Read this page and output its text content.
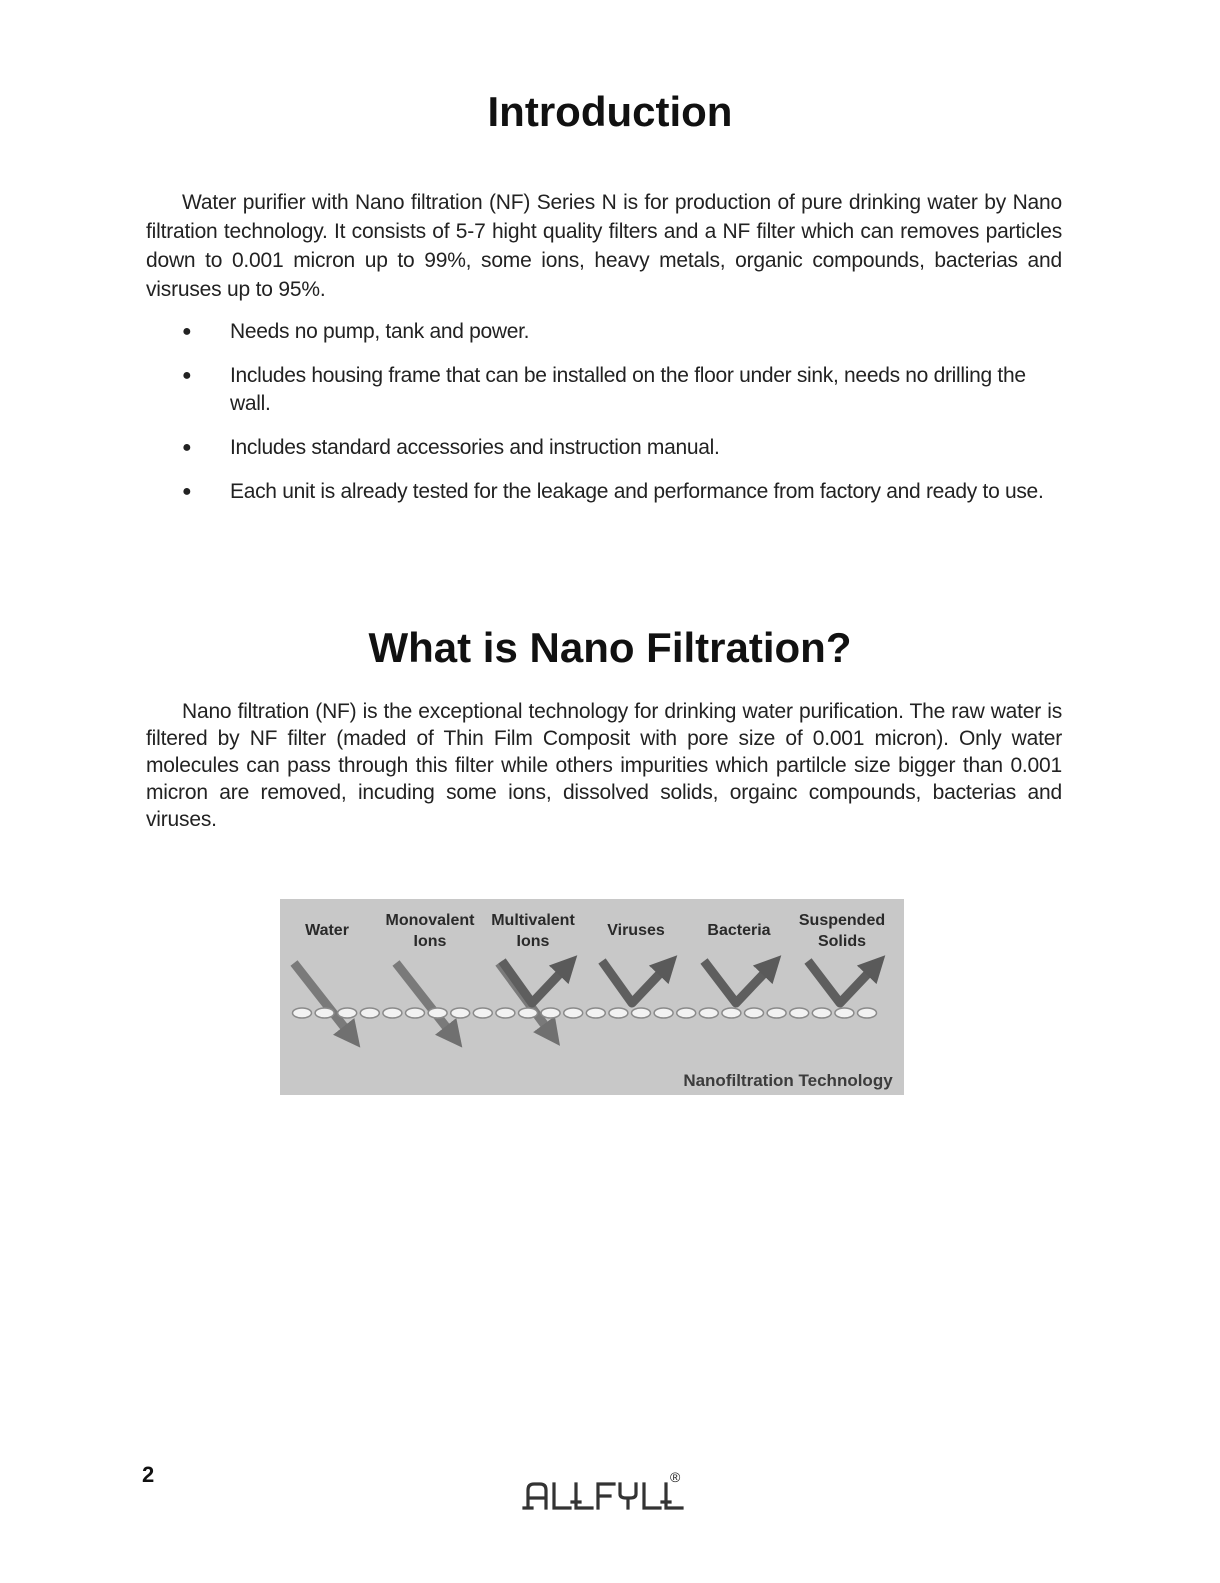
Introduction
Water purifier with Nano filtration (NF) Series N is for production of pure drinking water by Nano filtration technology. It consists of 5-7 hight quality filters and a NF filter which can removes particles down to 0.001 micron up to 99%, some ions, heavy metals, organic compounds, bacterias and visruses up to 95%.
● Needs no pump, tank and power.
● Includes housing frame that can be installed on the floor under sink, needs no drilling the wall.
● Includes standard accessories and instruction manual.
● Each unit is already tested for the leakage and performance from factory and ready to use.
What is Nano Filtration?
Nano filtration (NF) is the exceptional technology for drinking water purification. The raw water is filtered by NF filter (maded of Thin Film Composit with pore size of 0.001 micron). Only water molecules can pass through this filter while others impurities which partilcle size bigger than 0.001 micron are removed, incuding some ions, dissolved solids, orgainc compounds, bacterias and viruses.
Water
Monovalent
Ions
Multivalent
Ions
Viruses	Bacteria
Suspended
Solids
Nanofiltration Technology
2	®
